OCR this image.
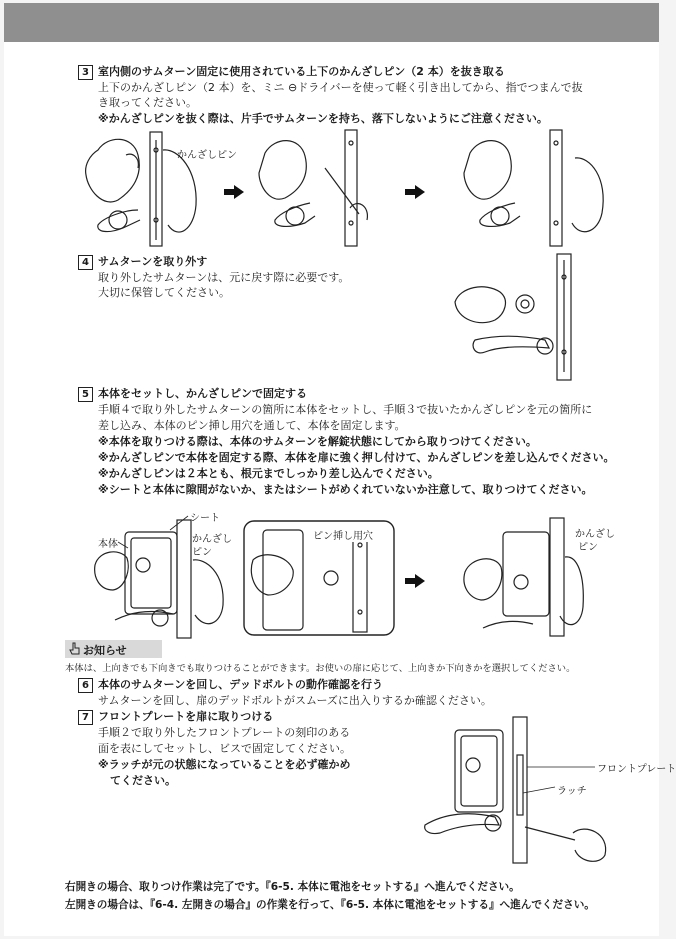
3 室内側のサムターン固定に使用されている上下のかんざしピン（2 本）を抜き取る
上下のかんざしピン（2 本）を、ミニ ⊖ドライバーを使って軽く引き出してから、指でつまんで抜
き取ってください。
※かんざしピンを抜く際は、片手でサムターンを持ち、落下しないようにご注意ください。
かんざしピン
4 サムターンを取り外す
取り外したサムターンは、元に戻す際に必要です。
大切に保管してください。
5 本体をセットし、かんざしピンで固定する
手順４で取り外したサムターンの箇所に本体をセットし、手順３で抜いたかんざしピンを元の箇所に
差し込み、本体のピン挿し用穴を通して、本体を固定します。
※本体を取りつける際は、本体のサムターンを解錠状態にしてから取りつけてください。
※かんざしピンで本体を固定する際、本体を扉に強く押し付けて、かんざしピンを差し込んでください。
※かんざしピンは２本とも、根元までしっかり差し込んでください。
※シートと本体に隙間がないか、またはシートがめくれていないか注意して、取りつけてください。
シート
本体	かんざし
ピン
ピン挿し用穴	かんざし
ピン
お知らせ
本体は、上向きでも下向きでも取りつけることができます。お使いの扉に応じて、上向きか下向きかを選択してください。
6 本体のサムターンを回し、デッドボルトの動作確認を行う
サムターンを回し、扉のデッドボルトがスムーズに出入りするか確認ください。
7 フロントプレートを扉に取りつける
手順２で取り外したフロントプレートの刻印のある
面を表にしてセットし、ビスで固定してください。
※ラッチが元の状態になっていることを必ず確かめ
てください。
フロントプレート
ラッチ
右開きの場合、取りつけ作業は完了です。『6-5. 本体に電池をセットする』へ進んでください。
左開きの場合は、『6-4. 左開きの場合』の作業を行って、『6-5. 本体に電池をセットする』へ進んでください。
